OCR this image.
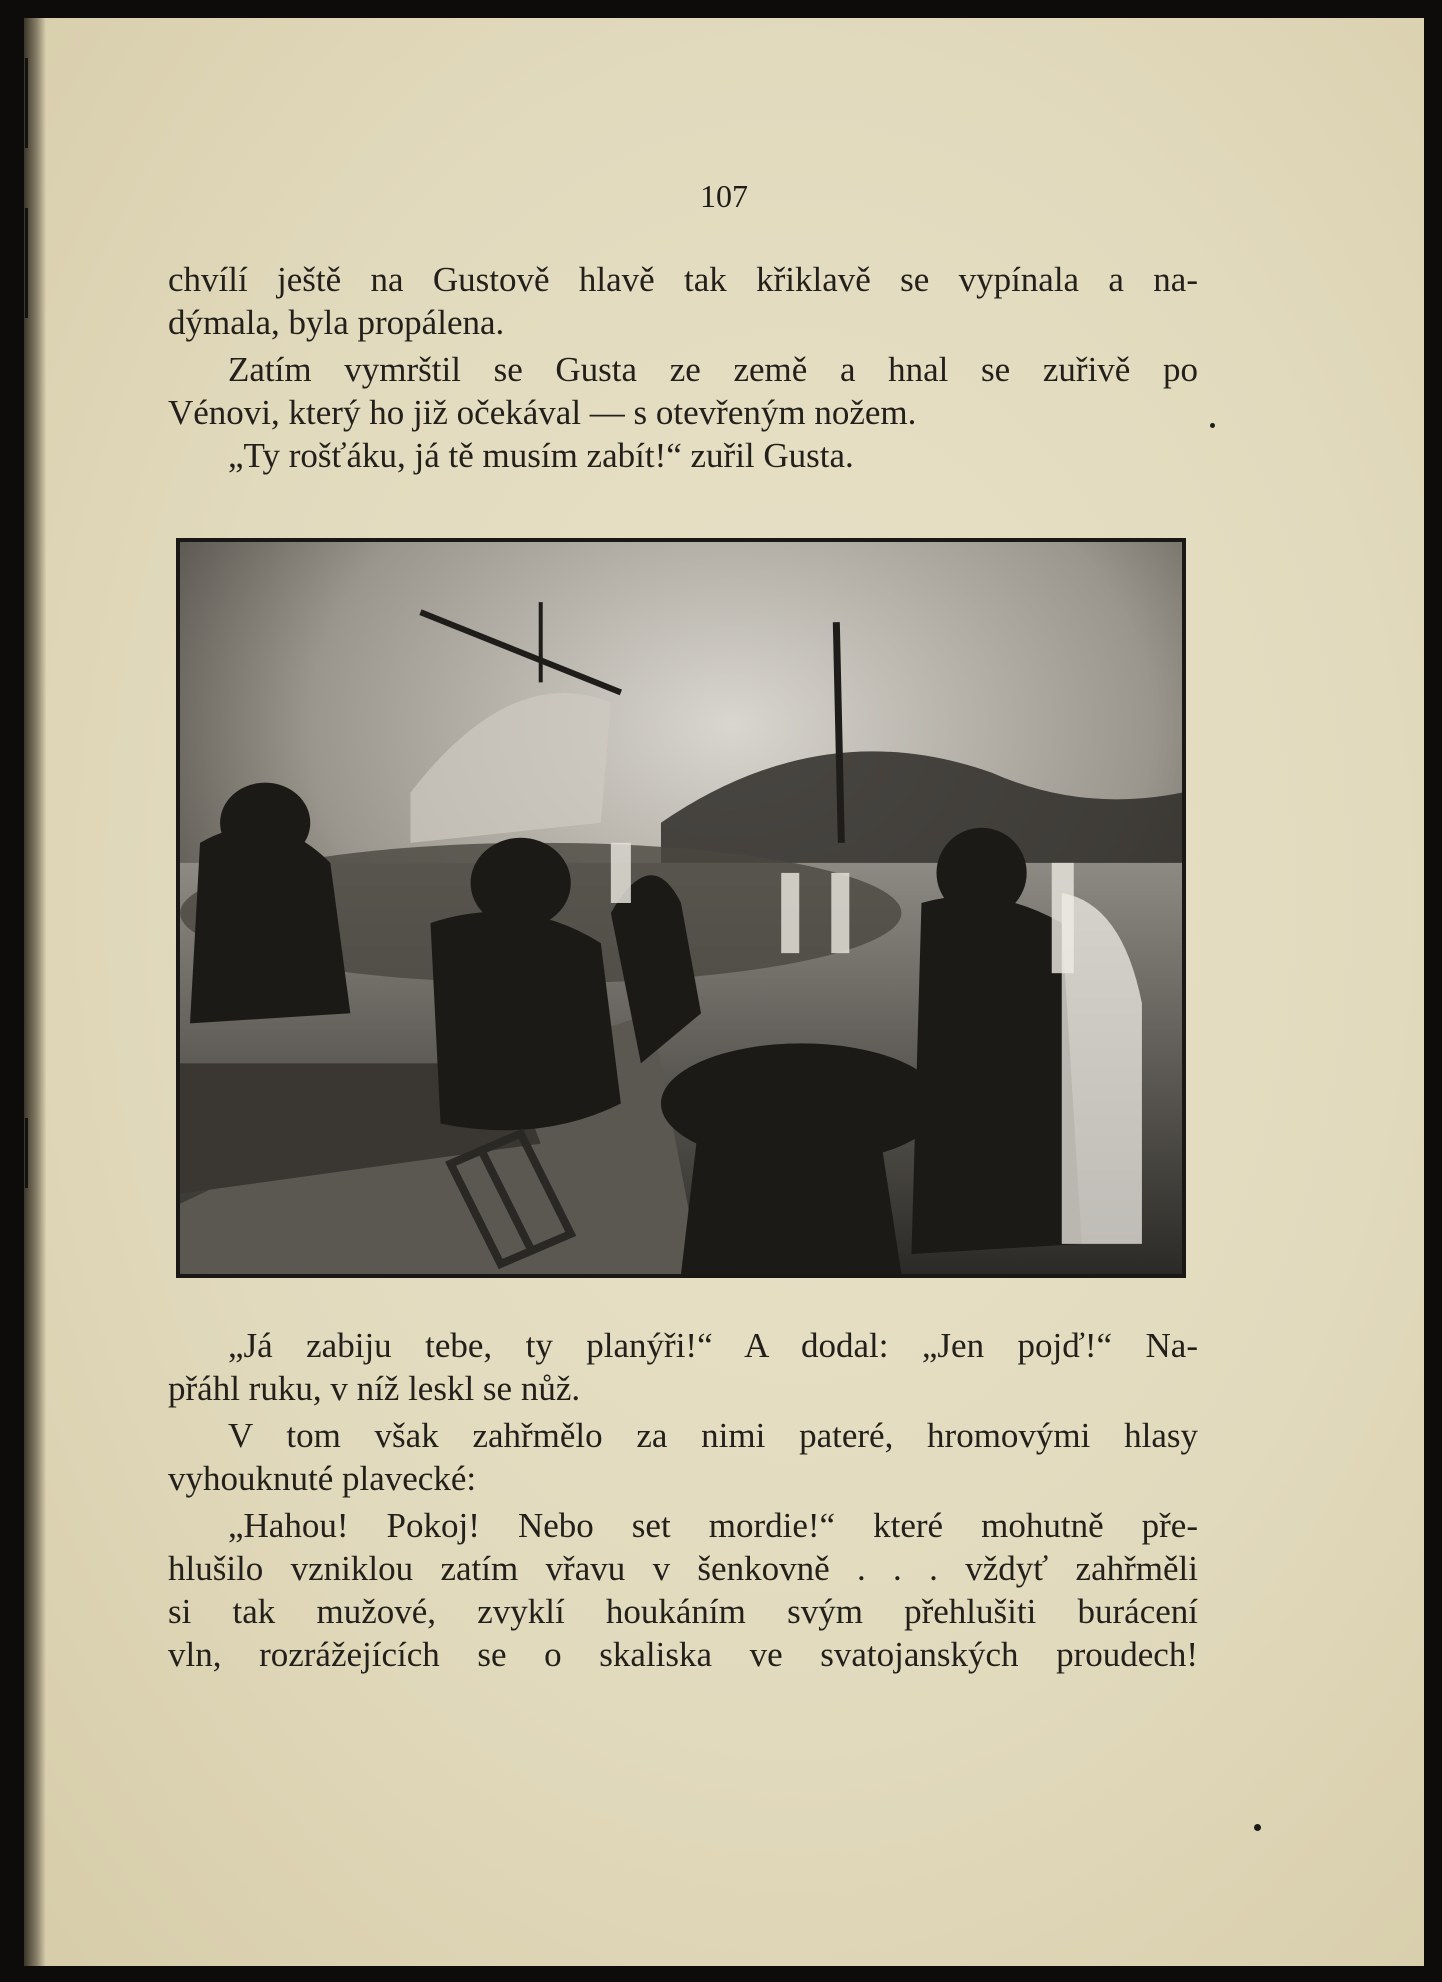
107
chvílí ještě na Gustově hlavě tak křiklavě se vypínala a na-
dýmala, byla propálena.
Zatím vymrštil se Gusta ze země a hnal se zuřivě po
Vénovi, který ho již očekával — s otevřeným nožem.
„Ty rošťáku, já tě musím zabít!“ zuřil Gusta.
„Já zabiju tebe, ty planýři!“ A dodal: „Jen pojď!“ Na-
přáhl ruku, v níž leskl se nůž.
V tom však zahřmělo za nimi pateré, hromovými hlasy
vyhouknuté plavecké:
„Hahou! Pokoj! Nebo set mordie!“ které mohutně pře-
hlušilo vzniklou zatím vřavu v šenkovně . . . vždyť zahřměli
si tak mužové, zvyklí houkáním svým přehlušiti burácení
vln, rozrážejících se o skaliska ve svatojanských proudech!
